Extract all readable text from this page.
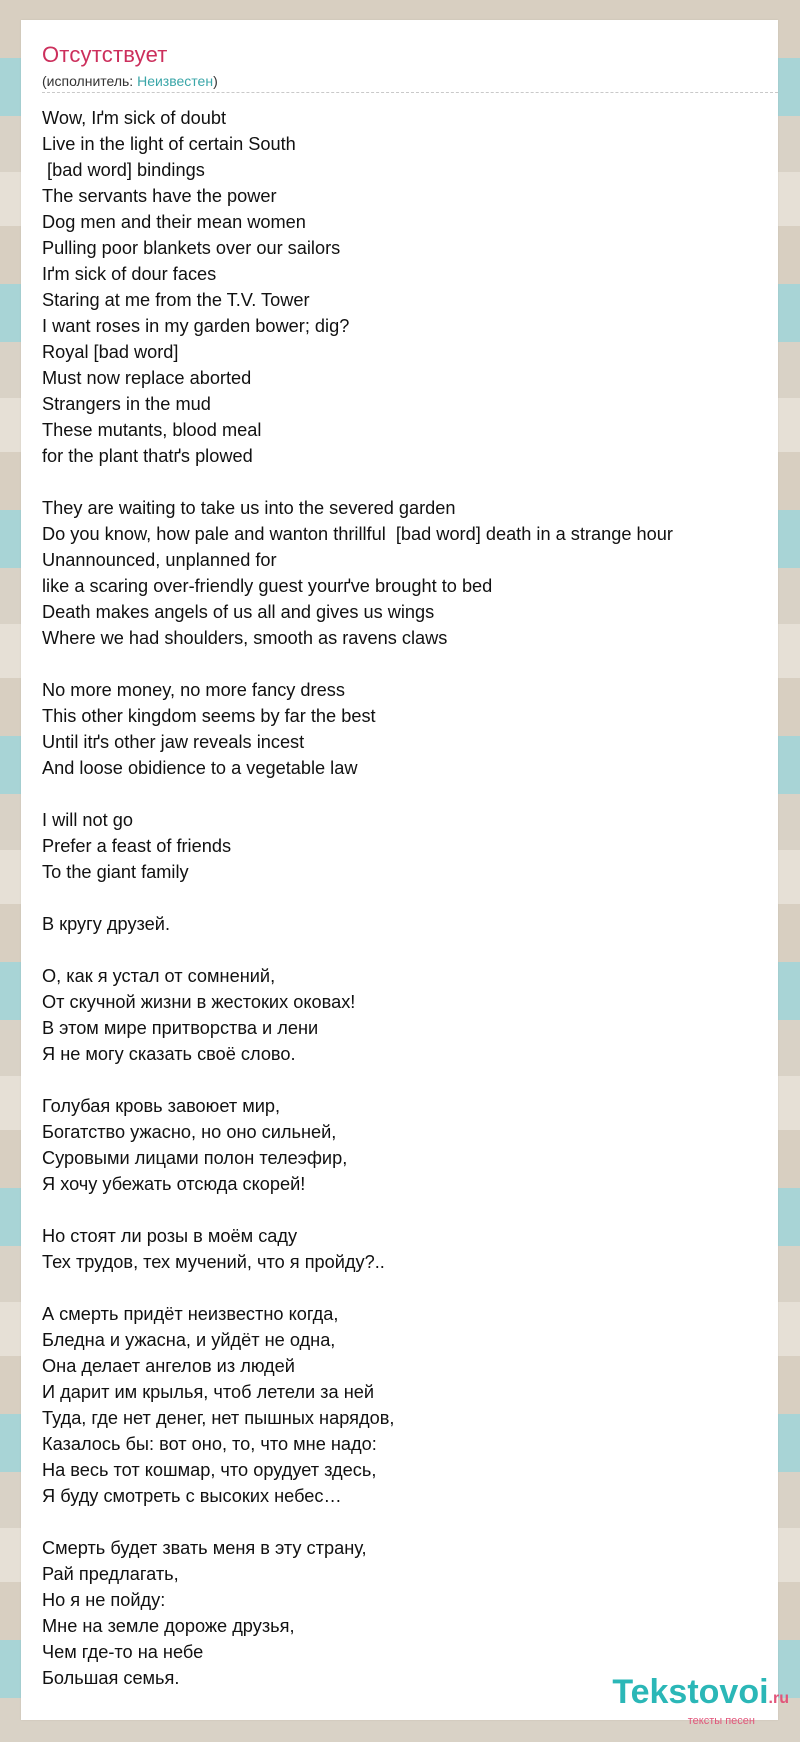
Отсутствует
(исполнитель: Неизвестен)
Wow, Iґm sick of doubt
Live in the light of certain South
[bad word] bindings
The servants have the power
Dog men and their mean women
Pulling poor blankets over our sailors
Iґm sick of dour faces
Staring at me from the T.V. Tower
I want roses in my garden bower; dig?
Royal [bad word]
Must now replace aborted
Strangers in the mud
These mutants, blood meal
for the plant thatґs plowed
They are waiting to take us into the severed garden
Do you know, how pale and wanton thrillful  [bad word] death in a strange hour
Unannounced, unplanned for
like a scaring over-friendly guest yourґve brought to bed
Death makes angels of us all and gives us wings
Where we had shoulders, smooth as ravens claws
No more money, no more fancy dress
This other kingdom seems by far the best
Until itґs other jaw reveals incest
And loose obidience to a vegetable law
I will not go
Prefer a feast of friends
To the giant family
В кругу друзей.
О, как я устал от сомнений,
От скучной жизни в жестоких оковах!
В этом мире притворства и лени
Я не могу сказать своё слово.
Голубая кровь завоюет мир,
Богатство ужасно, но оно сильней,
Суровыми лицами полон телеэфир,
Я хочу убежать отсюда скорей!
Но стоят ли розы в моём саду
Тех трудов, тех мучений, что я пройду?..
А смерть придёт неизвестно когда,
Бледна и ужасна, и уйдёт не одна,
Она делает ангелов из людей
И дарит им крылья, чтоб летели за ней
Туда, где нет денег, нет пышных нарядов,
Казалось бы: вот оно, то, что мне надо:
На весь тот кошмар, что орудует здесь,
Я буду смотреть с высоких небес…
Смерть будет звать меня в эту страну,
Рай предлагать,
Но я не пойду:
Мне на земле дороже друзья,
Чем где-то на небе
Большая семья.	Tekstovoi.ru
тексты песен
